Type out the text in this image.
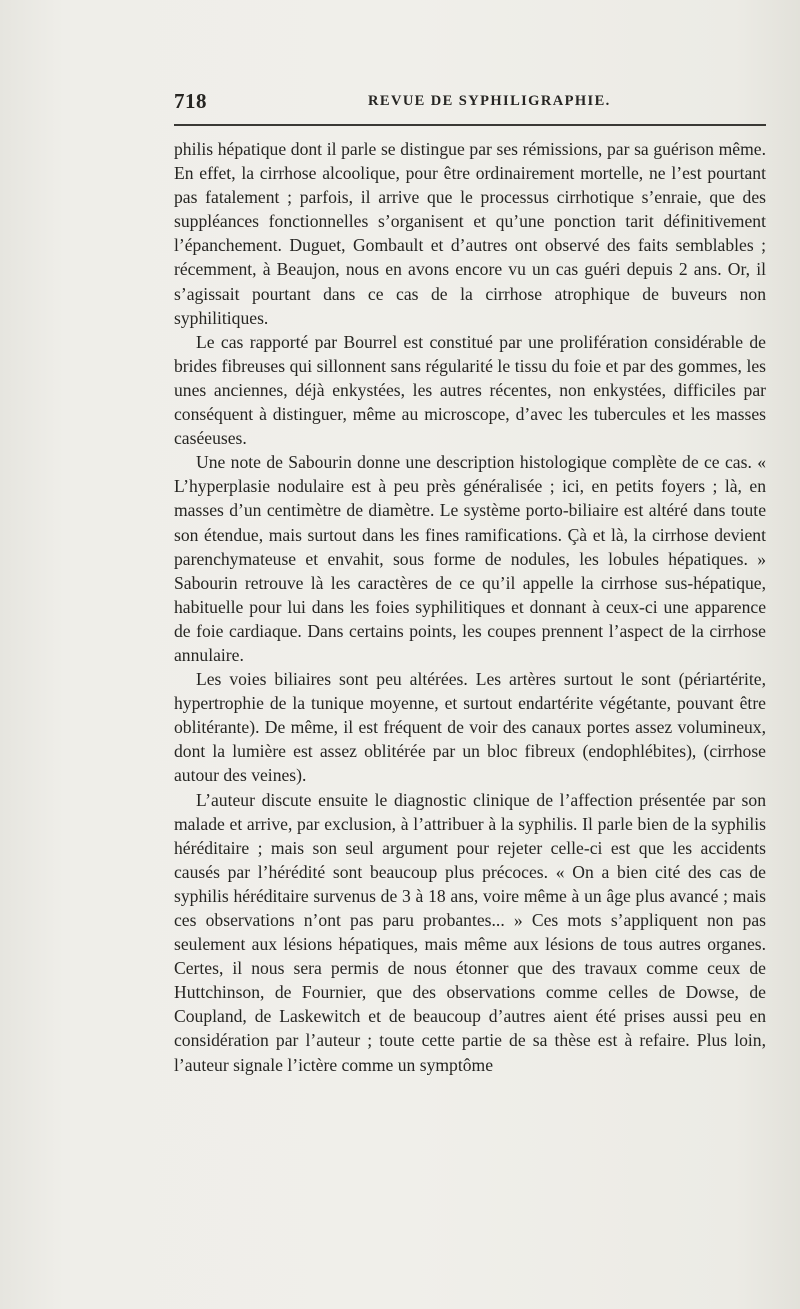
718	REVUE DE SYPHILIGRAPHIE.

philis hépatique dont il parle se distingue par ses rémissions, par sa guérison même. En effet, la cirrhose alcoolique, pour être ordinairement mortelle, ne l’est pourtant pas fatalement ; parfois, il arrive que le processus cirrhotique s’enraie, que des suppléances fonctionnelles s’organisent et qu’une ponction tarit définitivement l’épanchement. Duguet, Gombault et d’autres ont observé des faits semblables ; récemment, à Beaujon, nous en avons encore vu un cas guéri depuis 2 ans. Or, il s’agissait pourtant dans ce cas de la cirrhose atrophique de buveurs non syphilitiques.

Le cas rapporté par Bourrel est constitué par une prolifération considérable de brides fibreuses qui sillonnent sans régularité le tissu du foie et par des gommes, les unes anciennes, déjà enkystées, les autres récentes, non enkystées, difficiles par conséquent à distinguer, même au microscope, d’avec les tubercules et les masses caséeuses.

Une note de Sabourin donne une description histologique complète de ce cas. « L’hyperplasie nodulaire est à peu près généralisée ; ici, en petits foyers ; là, en masses d’un centimètre de diamètre. Le système porto-biliaire est altéré dans toute son étendue, mais surtout dans les fines ramifications. Çà et là, la cirrhose devient parenchymateuse et envahit, sous forme de nodules, les lobules hépatiques. » Sabourin retrouve là les caractères de ce qu’il appelle la cirrhose sus-hépatique, habituelle pour lui dans les foies syphilitiques et donnant à ceux-ci une apparence de foie cardiaque. Dans certains points, les coupes prennent l’aspect de la cirrhose annulaire.

Les voies biliaires sont peu altérées. Les artères surtout le sont (périartérite, hypertrophie de la tunique moyenne, et surtout endartérite végétante, pouvant être oblitérante). De même, il est fréquent de voir des canaux portes assez volumineux, dont la lumière est assez oblitérée par un bloc fibreux (endophlébites), (cirrhose autour des veines).

L’auteur discute ensuite le diagnostic clinique de l’affection présentée par son malade et arrive, par exclusion, à l’attribuer à la syphilis. Il parle bien de la syphilis héréditaire ; mais son seul argument pour rejeter celle-ci est que les accidents causés par l’hérédité sont beaucoup plus précoces. « On a bien cité des cas de syphilis héréditaire survenus de 3 à 18 ans, voire même à un âge plus avancé ; mais ces observations n’ont pas paru probantes... » Ces mots s’appliquent non pas seulement aux lésions hépatiques, mais même aux lésions de tous autres organes. Certes, il nous sera permis de nous étonner que des travaux comme ceux de Huttchinson, de Fournier, que des observations comme celles de Dowse, de Coupland, de Laskewitch et de beaucoup d’autres aient été prises aussi peu en considération par l’auteur ; toute cette partie de sa thèse est à refaire. Plus loin, l’auteur signale l’ictère comme un symptôme
